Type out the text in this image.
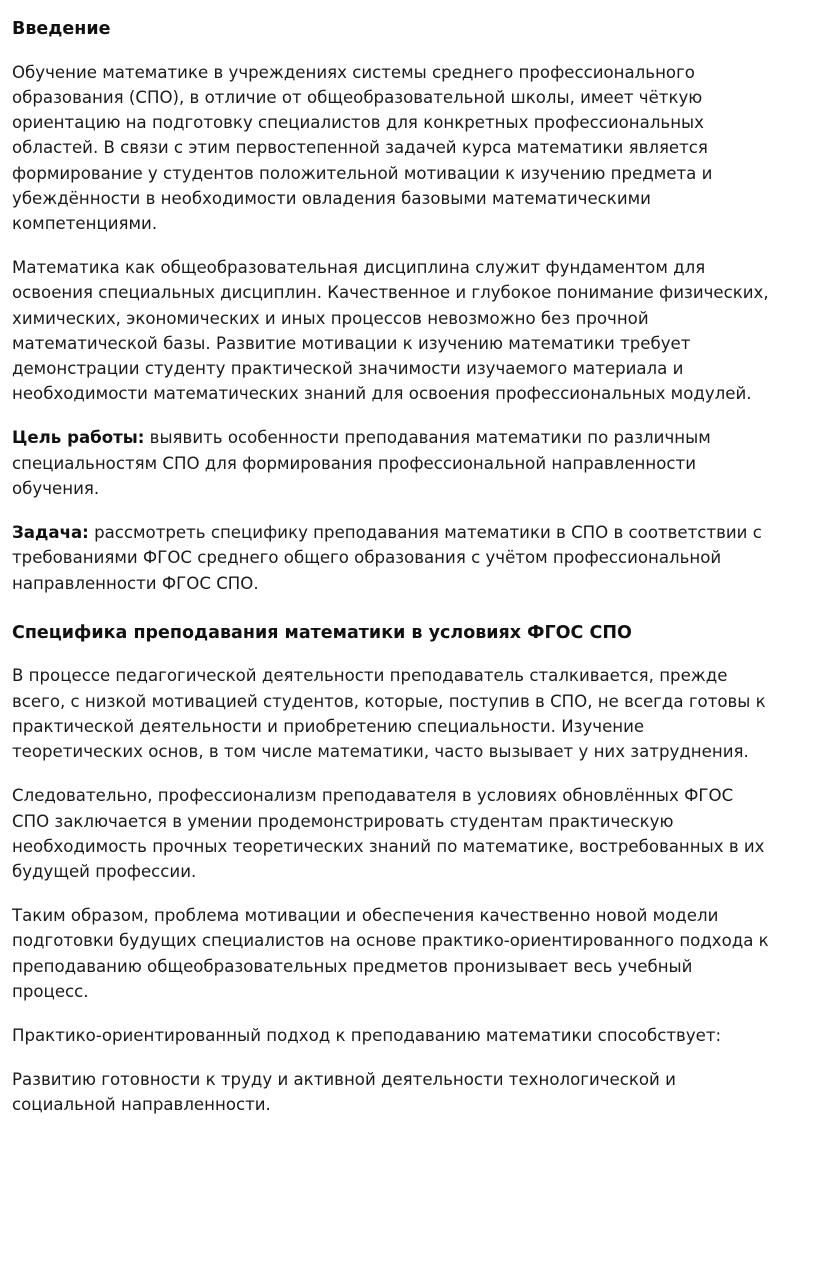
Введение

Обучение математике в учреждениях системы среднего профессионального образования (СПО), в отличие от общеобразовательной школы, имеет чёткую ориентацию на подготовку специалистов для конкретных профессиональных областей. В связи с этим первостепенной задачей курса математики является формирование у студентов положительной мотивации к изучению предмета и убеждённости в необходимости овладения базовыми математическими компетенциями.

Математика как общеобразовательная дисциплина служит фундаментом для освоения специальных дисциплин. Качественное и глубокое понимание физических, химических, экономических и иных процессов невозможно без прочной математической базы. Развитие мотивации к изучению математики требует демонстрации студенту практической значимости изучаемого материала и необходимости математических знаний для освоения профессиональных модулей.

Цель работы: выявить особенности преподавания математики по различным специальностям СПО для формирования профессиональной направленности обучения.

Задача: рассмотреть специфику преподавания математики в СПО в соответствии с требованиями ФГОС среднего общего образования с учётом профессиональной направленности ФГОС СПО.

Специфика преподавания математики в условиях ФГОС СПО

В процессе педагогической деятельности преподаватель сталкивается, прежде всего, с низкой мотивацией студентов, которые, поступив в СПО, не всегда готовы к практической деятельности и приобретению специальности. Изучение теоретических основ, в том числе математики, часто вызывает у них затруднения.

Следовательно, профессионализм преподавателя в условиях обновлённых ФГОС СПО заключается в умении продемонстрировать студентам практическую необходимость прочных теоретических знаний по математике, востребованных в их будущей профессии.

Таким образом, проблема мотивации и обеспечения качественно новой модели подготовки будущих специалистов на основе практико-ориентированного подхода к преподаванию общеобразовательных предметов пронизывает весь учебный процесс.

Практико-ориентированный подход к преподаванию математики способствует:

Развитию готовности к труду и активной деятельности технологической и социальной направленности.
